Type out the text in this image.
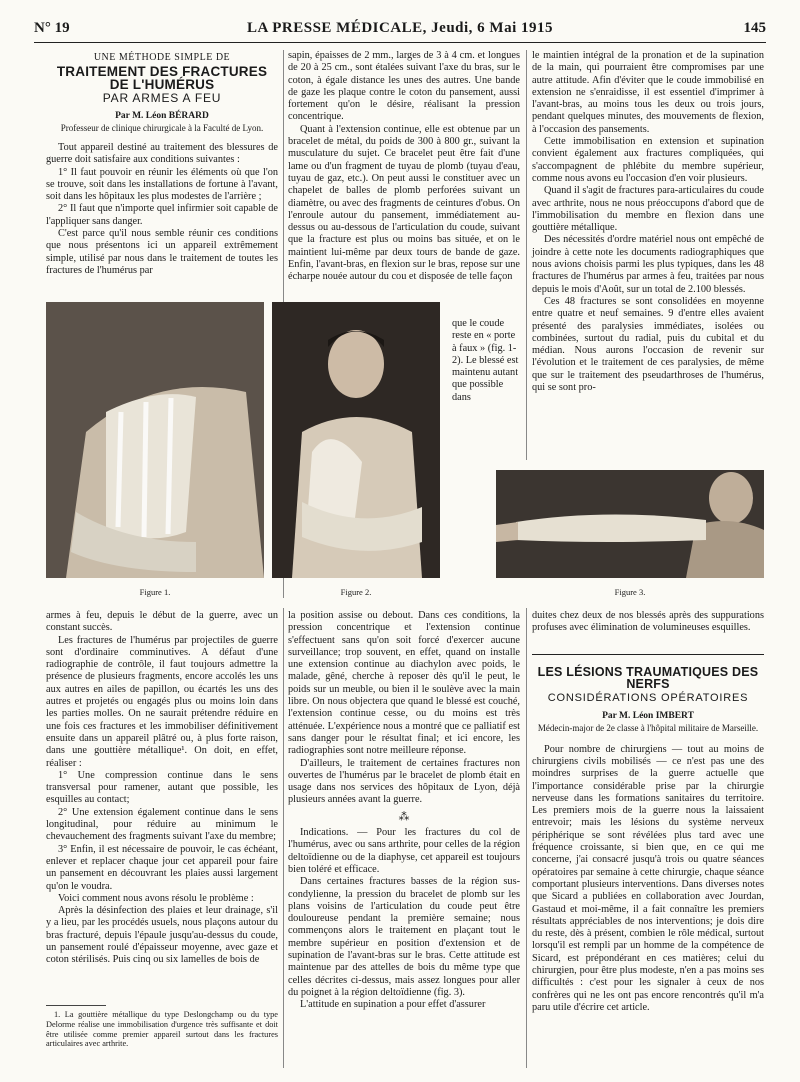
N° 19	LA PRESSE MÉDICALE, Jeudi, 6 Mai 1915	145
UNE MÉTHODE SIMPLE DE
TRAITEMENT DES FRACTURES DE L'HUMÉRUS
PAR ARMES A FEU
Par M. Léon BÉRARD
Professeur de clinique chirurgicale à la Faculté de Lyon.

Tout appareil destiné au traitement des blessures de guerre doit satisfaire aux conditions suivantes :

1° Il faut pouvoir en réunir les éléments où que l'on se trouve, soit dans les installations de fortune à l'avant, soit dans les hôpitaux les plus modestes de l'arrière ;

2° Il faut que n'importe quel infirmier soit capable de l'appliquer sans danger.

C'est parce qu'il nous semble réunir ces conditions que nous présentons ici un appareil extrêmement simple, utilisé par nous dans le traitement de toutes les fractures de l'humérus par

sapin, épaisses de 2 mm., larges de 3 à 4 cm. et longues de 20 à 25 cm., sont étalées suivant l'axe du bras, sur le coton, à égale distance les unes des autres. Une bande de gaze les plaque contre le coton du pansement, aussi fortement qu'on le désire, réalisant la pression concentrique.

Quant à l'extension continue, elle est obtenue par un bracelet de métal, du poids de 300 à 800 gr., suivant la musculature du sujet. Ce bracelet peut être fait d'une lame ou d'un fragment de tuyau de plomb (tuyau d'eau, tuyau de gaz, etc.). On peut aussi le constituer avec un chapelet de balles de plomb perforées suivant un diamètre, ou avec des fragments de ceintures d'obus. On l'enroule autour du pansement, immédiatement au-dessus ou au-dessous de l'articulation du coude, suivant que la fracture est plus ou moins bas située, et on le maintient lui-même par deux tours de bande de gaze. Enfin, l'avant-bras, en flexion sur le bras, repose sur une écharpe nouée autour du cou et disposée de telle façon

que le coude reste en « porte à faux » (fig. 1-2). Le blessé est maintenu autant que possible dans

le maintien intégral de la pronation et de la supination de la main, qui pourraient être compromises par une autre attitude. Afin d'éviter que le coude immobilisé en extension ne s'enraidisse, il est essentiel d'imprimer à l'avant-bras, au moins tous les deux ou trois jours, pendant quelques minutes, des mouvements de flexion, à l'occasion des pansements.

Cette immobilisation en extension et supination convient également aux fractures compliquées, qui s'accompagnent de phlébite du membre supérieur, comme nous avons eu l'occasion d'en voir plusieurs.

Quand il s'agit de fractures para-articulaires du coude avec arthrite, nous ne nous préoccupons d'abord que de l'immobilisation du membre en flexion dans une gouttière métallique.

Des nécessités d'ordre matériel nous ont empêché de joindre à cette note les documents radiographiques que nous avions choisis parmi les plus typiques, dans les 48 fractures de l'humérus par armes à feu, traitées par nous depuis le mois d'Août, sur un total de 2.100 blessés.

Ces 48 fractures se sont consolidées en moyenne entre quatre et neuf semaines. 9 d'entre elles avaient présenté des paralysies immédiates, isolées ou combinées, surtout du radial, puis du cubital et du médian. Nous aurons l'occasion de revenir sur l'évolution et le traitement de ces paralysies, de même que sur le traitement des pseudarthroses de l'humérus, qui se sont pro-

Figure 1.	Figure 2.	Figure 3.

armes à feu, depuis le début de la guerre, avec un constant succès.

Les fractures de l'humérus par projectiles de guerre sont d'ordinaire comminutives. A défaut d'une radiographie de contrôle, il faut toujours admettre la présence de plusieurs fragments, encore accolés les uns aux autres en ailes de papillon, ou écartés les uns des autres et projetés ou engagés plus ou moins loin dans les parties molles. On ne saurait prétendre réduire en une fois ces fractures et les immobiliser définitivement ensuite dans un appareil plâtré ou, à plus forte raison, dans une gouttière métallique¹. On doit, en effet, réaliser :

1° Une compression continue dans le sens transversal pour ramener, autant que possible, les esquilles au contact;

2° Une extension également continue dans le sens longitudinal, pour réduire au minimum le chevauchement des fragments suivant l'axe du membre;

3° Enfin, il est nécessaire de pouvoir, le cas échéant, enlever et replacer chaque jour cet appareil pour faire un pansement en découvrant les plaies aussi largement qu'on le voudra.

Voici comment nous avons résolu le problème :

Après la désinfection des plaies et leur drainage, s'il y a lieu, par les procédés usuels, nous plaçons autour du bras fracturé, depuis l'épaule jusqu'au-dessus du coude, un pansement roulé d'épaisseur moyenne, avec gaze et coton stérilisés. Puis cinq ou six lamelles de bois de

1. La gouttière métallique du type Deslongchamp ou du type Delorme réalise une immobilisation d'urgence très suffisante et doit être utilisée comme premier appareil surtout dans les fractures articulaires avec arthrite.

la position assise ou debout. Dans ces conditions, la pression concentrique et l'extension continue s'effectuent sans qu'on soit forcé d'exercer aucune surveillance; trop souvent, en effet, quand on installe une extension continue au diachylon avec poids, le malade, gêné, cherche à reposer dès qu'il le peut, le poids sur un meuble, ou bien il le soulève avec la main libre. On nous objectera que quand le blessé est couché, l'extension continue cesse, ou du moins est très atténuée. L'expérience nous a montré que ce palliatif est sans danger pour le résultat final; et ici encore, les radiographies sont notre meilleure réponse.

D'ailleurs, le traitement de certaines fractures non ouvertes de l'humérus par le bracelet de plomb était en usage dans nos services des hôpitaux de Lyon, déjà plusieurs années avant la guerre.

⁂

Indications. — Pour les fractures du col de l'humérus, avec ou sans arthrite, pour celles de la région deltoïdienne ou de la diaphyse, cet appareil est toujours bien toléré et efficace.

Dans certaines fractures basses de la région sus-condylienne, la pression du bracelet de plomb sur les plans voisins de l'articulation du coude peut être douloureuse pendant la première semaine; nous commençons alors le traitement en plaçant tout le membre supérieur en position d'extension et de supination de l'avant-bras sur le bras. Cette attitude est maintenue par des attelles de bois du même type que celles décrites ci-dessus, mais assez longues pour aller du poignet à la région deltoïdienne (fig. 3).

L'attitude en supination a pour effet d'assurer

duites chez deux de nos blessés après des suppurations profuses avec élimination de volumineuses esquilles.

LES LÉSIONS TRAUMATIQUES DES NERFS
CONSIDÉRATIONS OPÉRATOIRES
Par M. Léon IMBERT
Médecin-major de 2e classe à l'hôpital militaire de Marseille.

Pour nombre de chirurgiens — tout au moins de chirurgiens civils mobilisés — ce n'est pas une des moindres surprises de la guerre actuelle que l'importance considérable prise par la chirurgie nerveuse dans les formations sanitaires du territoire. Les premiers mois de la guerre nous la laissaient entrevoir; mais les lésions du système nerveux périphérique se sont révélées plus tard avec une fréquence croissante, si bien que, en ce qui me concerne, j'ai consacré jusqu'à trois ou quatre séances opératoires par semaine à cette chirurgie, chaque séance comportant plusieurs interventions. Dans diverses notes que Sicard a publiées en collaboration avec Jourdan, Gastaud et moi-même, il a fait connaître les premiers résultats appréciables de nos interventions; je dois dire du reste, dès à présent, combien le rôle médical, surtout lorsqu'il est rempli par un homme de la compétence de Sicard, est prépondérant en ces matières; celui du chirurgien, pour être plus modeste, n'en a pas moins ses difficultés : c'est pour les signaler à ceux de nos confrères qui ne les ont pas encore rencontrés qu'il m'a paru utile d'écrire cet article.
